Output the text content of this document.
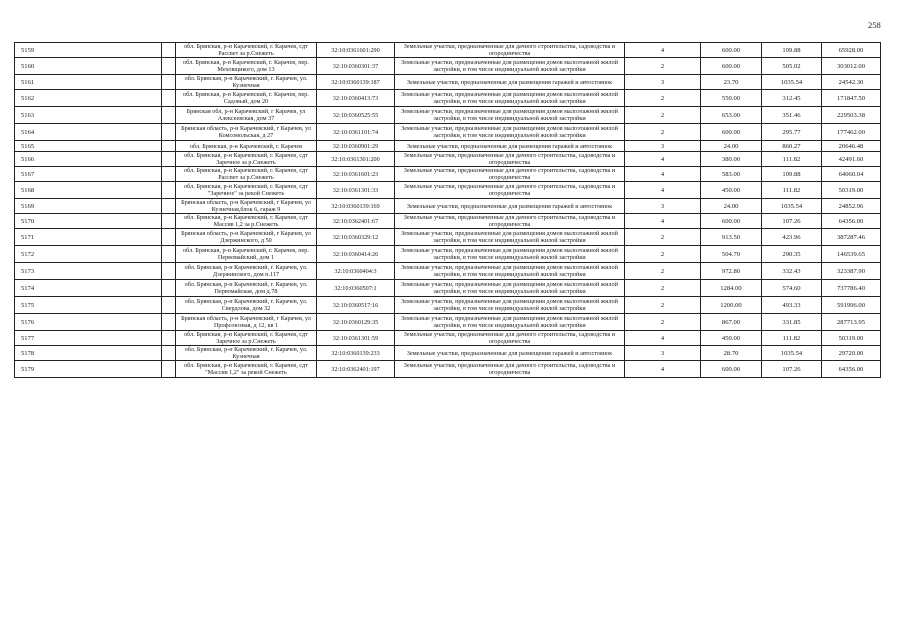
258
5159		обл. Брянская, р-н Карачевский, г. Карачев, сдт Рассвет за р.Снежеть	32:10:0361601:290	Земельные участки, предназначенные для дачного строительства, садоводства и огородничества	4	600.00	109.88	65928.00
5160		обл. Брянская, р-н Карачевский, г. Карачев, пер. Меховщикого, дом 13	32:10:0360301:37	Земельные участки, предназначенные для размещения домов малоэтажной жилой застройки, в том числе индивидуальной жилой застройки	2	600.00	505.02	303012.00
5161		обл. Брянская, р-н Карачевский, г. Карачев, ул. Кузнечная	32:10:0360139:187	Земельные участки, предназначенные для размещения гаражей и автостоянок	3	23.70	1035.54	24542.30
5162		обл. Брянская, р-н Карачевский, г. Карачев, пер. Садовый, дом 20	32:10:0360413:73	Земельные участки, предназначенные для размещения домов малоэтажной жилой застройки, в том числе индивидуальной жилой застройки	2	550.00	312.45	171847.50
5163		Брянская обл, р-н Карачевский, г Карачев, ул Алексеевская, дом 37	32:10:0360525:55	Земельные участки, предназначенные для размещения домов малоэтажной жилой застройки, в том числе индивидуальной жилой застройки	2	653.00	351.46	229503.38
5164		Брянская область, р-н Карачевский, г Карачев, ул Комсомольская, д 27	32:10:0361101:74	Земельные участки, предназначенные для размещения домов малоэтажной жилой застройки, в том числе индивидуальной жилой застройки	2	600.00	295.77	177462.00
5165		обл. Брянская, р-н Карачевский, г. Карачев	32:10:0360901:29	Земельные участки, предназначенные для размещения гаражей и автостоянок	3	24.00	860.27	20646.48
5166		обл. Брянская, р-н Карачевский, г. Карачев, сдт Заречное за р.Снежеть	32:10:0361301:200	Земельные участки, предназначенные для дачного строительства, садоводства и огородничества	4	380.00	111.82	42491.60
5167		обл. Брянская, р-н Карачевский, г. Карачев, сдт Рассвет за р.Снежеть	32:10:0361601:23	Земельные участки, предназначенные для дачного строительства, садоводства и огородничества	4	583.00	109.88	64060.04
5168		обл. Брянская, р-н Карачевский, г. Карачев, сдт "Заречное" за рекой Снежеть	32:10:0361301:33	Земельные участки, предназначенные для дачного строительства, садоводства и огородничества	4	450.00	111.82	50319.00
5169		Брянская область, р-н Карачевский, г Карачев, ул Кузнечная,блок 6, гараж 9	32:10:0360139:169	Земельные участки, предназначенные для размещения гаражей и автостоянок	3	24.00	1035.54	24852.96
5170		обл. Брянская, р-н Карачевский, г. Карачев, сдт Массив 1,2 за р.Снежеть	32:10:0362401:67	Земельные участки, предназначенные для дачного строительства, садоводства и огородничества	4	600.00	107.26	64356.00
5171		Брянская область, р-н Карачевский, г Карачев, ул Дзержинского, д 50	32:10:0360329:12	Земельные участки, предназначенные для размещения домов малоэтажной жилой застройки, в том числе индивидуальной жилой застройки	2	913.50	423.96	387287.46
5172		обл. Брянская, р-н Карачевский, г. Карачев, пер. Первомайский, дом 1	32:10:0360414:26	Земельные участки, предназначенные для размещения домов малоэтажной жилой застройки, в том числе индивидуальной жилой застройки	2	504.70	290.35	146539.65
5173		обл. Брянская, р-н Карачевский, г. Карачев, ул. Дзержинского, дом п.117	32:10:0360404:3	Земельные участки, предназначенные для размещения домов малоэтажной жилой застройки, в том числе индивидуальной жилой застройки	2	972.80	332.43	323387.90
5174		обл. Брянская, р-н Карачевский, г. Карачев, ул. Первомайская, дом д.78	32:10:0360507:1	Земельные участки, предназначенные для размещения домов малоэтажной жилой застройки, в том числе индивидуальной жилой застройки	2	1284.00	574.60	737786.40
5175		обл. Брянская, р-н Карачевский, г. Карачев, ул. Свердлова, дом 32	32:10:0360517:16	Земельные участки, предназначенные для размещения домов малоэтажной жилой застройки, в том числе индивидуальной жилой застройки	2	1200.00	493.33	591996.00
5176		Брянская область, р-н Карачевский, г Карачев, ул Профсоюзная, д 12, кв 1	32:10:0360129:35	Земельные участки, предназначенные для размещения домов малоэтажной жилой застройки, в том числе индивидуальной жилой застройки	2	867.00	331.85	287713.95
5177		обл. Брянская, р-н Карачевский, г. Карачев, сдт Заречное за р.Снежеть	32:10:0361301:59	Земельные участки, предназначенные для дачного строительства, садоводства и огородничества	4	450.00	111.82	50319.00
5178		обл. Брянская, р-н Карачевский, г. Карачев, ул. Кузнечная	32:10:0360139:233	Земельные участки, предназначенные для размещения гаражей и автостоянок	3	28.70	1035.54	29720.00
5179		обл. Брянская, р-н Карачевский, г. Карачев, сдт "Массив 1,2" за рекой Снежеть	32:10:0362401:197	Земельные участки, предназначенные для дачного строительства, садоводства и огородничества	4	600.00	107.26	64356.00
